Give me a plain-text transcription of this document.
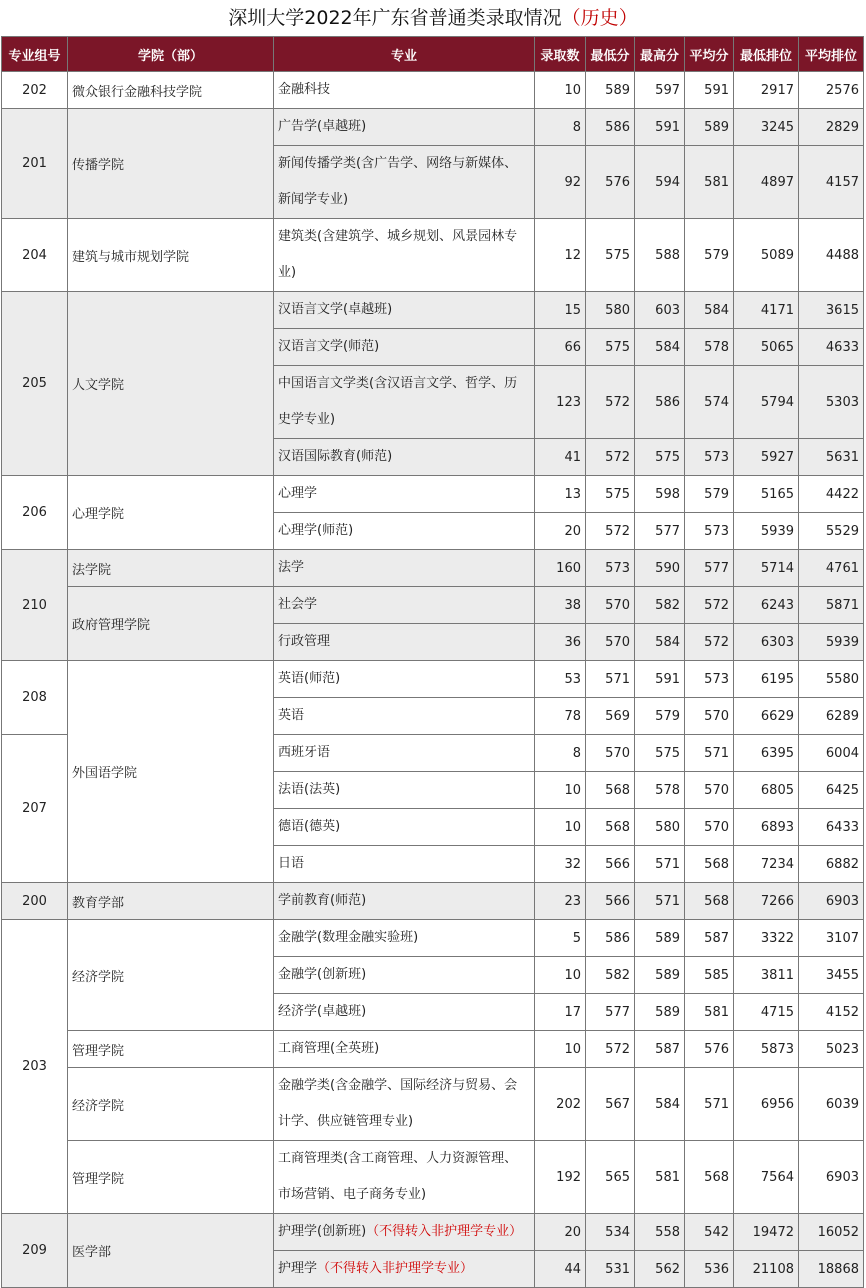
深圳大学2022年广东省普通类录取情况（历史）
专业组号	学院（部）	专业	录取数	最低分	最高分	平均分	最低排位	平均排位
202	微众银行金融科技学院	金融科技	10	589	597	591	2917	2576
201	传播学院	广告学(卓越班)	8	586	591	589	3245	2829
		新闻传播学类(含广告学、网络与新媒体、新闻学专业)	92	576	594	581	4897	4157
204	建筑与城市规划学院	建筑类(含建筑学、城乡规划、风景园林专业)	12	575	588	579	5089	4488
205	人文学院	汉语言文学(卓越班)	15	580	603	584	4171	3615
		汉语言文学(师范)	66	575	584	578	5065	4633
		中国语言文学类(含汉语言文学、哲学、历史学专业)	123	572	586	574	5794	5303
		汉语国际教育(师范)	41	572	575	573	5927	5631
206	心理学院	心理学	13	575	598	579	5165	4422
		心理学(师范)	20	572	577	573	5939	5529
210	法学院	法学	160	573	590	577	5714	4761
	政府管理学院	社会学	38	570	582	572	6243	5871
		行政管理	36	570	584	572	6303	5939
208	外国语学院	英语(师范)	53	571	591	573	6195	5580
		英语	78	569	579	570	6629	6289
207		西班牙语	8	570	575	571	6395	6004
		法语(法英)	10	568	578	570	6805	6425
		德语(德英)	10	568	580	570	6893	6433
		日语	32	566	571	568	7234	6882
200	教育学部	学前教育(师范)	23	566	571	568	7266	6903
203	经济学院	金融学(数理金融实验班)	5	586	589	587	3322	3107
		金融学(创新班)	10	582	589	585	3811	3455
		经济学(卓越班)	17	577	589	581	4715	4152
	管理学院	工商管理(全英班)	10	572	587	576	5873	5023
	经济学院	金融学类(含金融学、国际经济与贸易、会计学、供应链管理专业)	202	567	584	571	6956	6039
	管理学院	工商管理类(含工商管理、人力资源管理、市场营销、电子商务专业)	192	565	581	568	7564	6903
209	医学部	护理学(创新班)（不得转入非护理学专业）	20	534	558	542	19472	16052
		护理学（不得转入非护理学专业）	44	531	562	536	21108	18868
